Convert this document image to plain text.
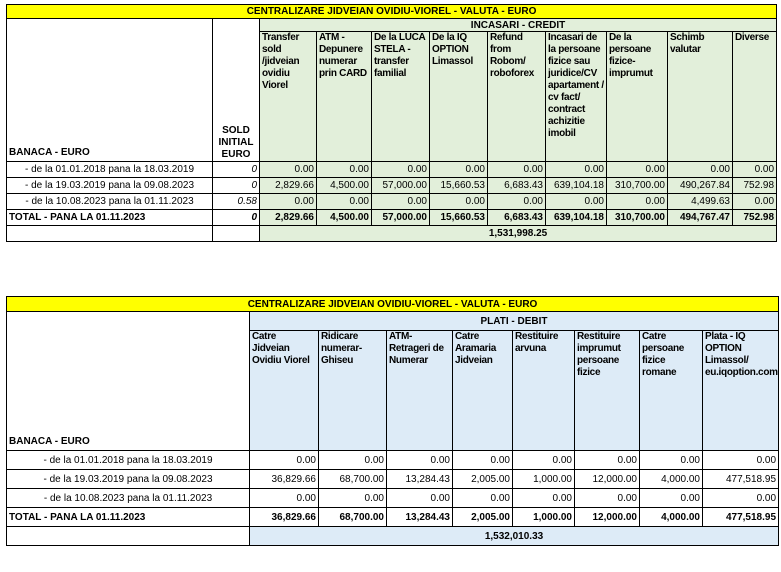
CENTRALIZARE JIDVEIAN OVIDIU-VIOREL - VALUTA - EURO										
BANACA - EURO	SOLD INITIAL EURO	INCASARI - CREDIT								
		Transfer sold /jidveian ovidiu Viorel	ATM - Depunere numerar prin CARD	De la LUCA STELA - transfer familial	De la IQ OPTION Limassol	Refund from Robom/ roboforex	Incasari de la persoane fizice sau juridice/CV apartament / cv fact/ contract achizitie imobil	De la persoane fizice-imprumut	Schimb valutar	Diverse
- de la 01.01.2018 pana la 18.03.2019	0	0.00	0.00	0.00	0.00	0.00	0.00	0.00	0.00	0.00
- de la 19.03.2019 pana la 09.08.2023	0	2,829.66	4,500.00	57,000.00	15,660.53	6,683.43	639,104.18	310,700.00	490,267.84	752.98
- de la 10.08.2023 pana la 01.11.2023	0.58	0.00	0.00	0.00	0.00	0.00	0.00	0.00	4,499.63	0.00
TOTAL - PANA LA 01.11.2023	0	2,829.66	4,500.00	57,000.00	15,660.53	6,683.43	639,104.18	310,700.00	494,767.47	752.98
		1,531,998.25								
CENTRALIZARE JIDVEIAN OVIDIU-VIOREL - VALUTA - EURO								
BANACA - EURO	PLATI - DEBIT							
	Catre Jidveian Ovidiu Viorel	Ridicare numerar-Ghiseu	ATM-Retrageri de Numerar	Catre Aramaria Jidveian	Restituire arvuna	Restituire imprumut persoane fizice	Catre persoane fizice romane	Plata - IQ OPTION Limassol/ eu.iqoption.com
- de la 01.01.2018 pana la 18.03.2019	0.00	0.00	0.00	0.00	0.00	0.00	0.00	0.00
- de la 19.03.2019 pana la 09.08.2023	36,829.66	68,700.00	13,284.43	2,005.00	1,000.00	12,000.00	4,000.00	477,518.95
- de la 10.08.2023 pana la 01.11.2023	0.00	0.00	0.00	0.00	0.00	0.00	0.00	0.00
TOTAL - PANA LA 01.11.2023	36,829.66	68,700.00	13,284.43	2,005.00	1,000.00	12,000.00	4,000.00	477,518.95
	1,532,010.33							
